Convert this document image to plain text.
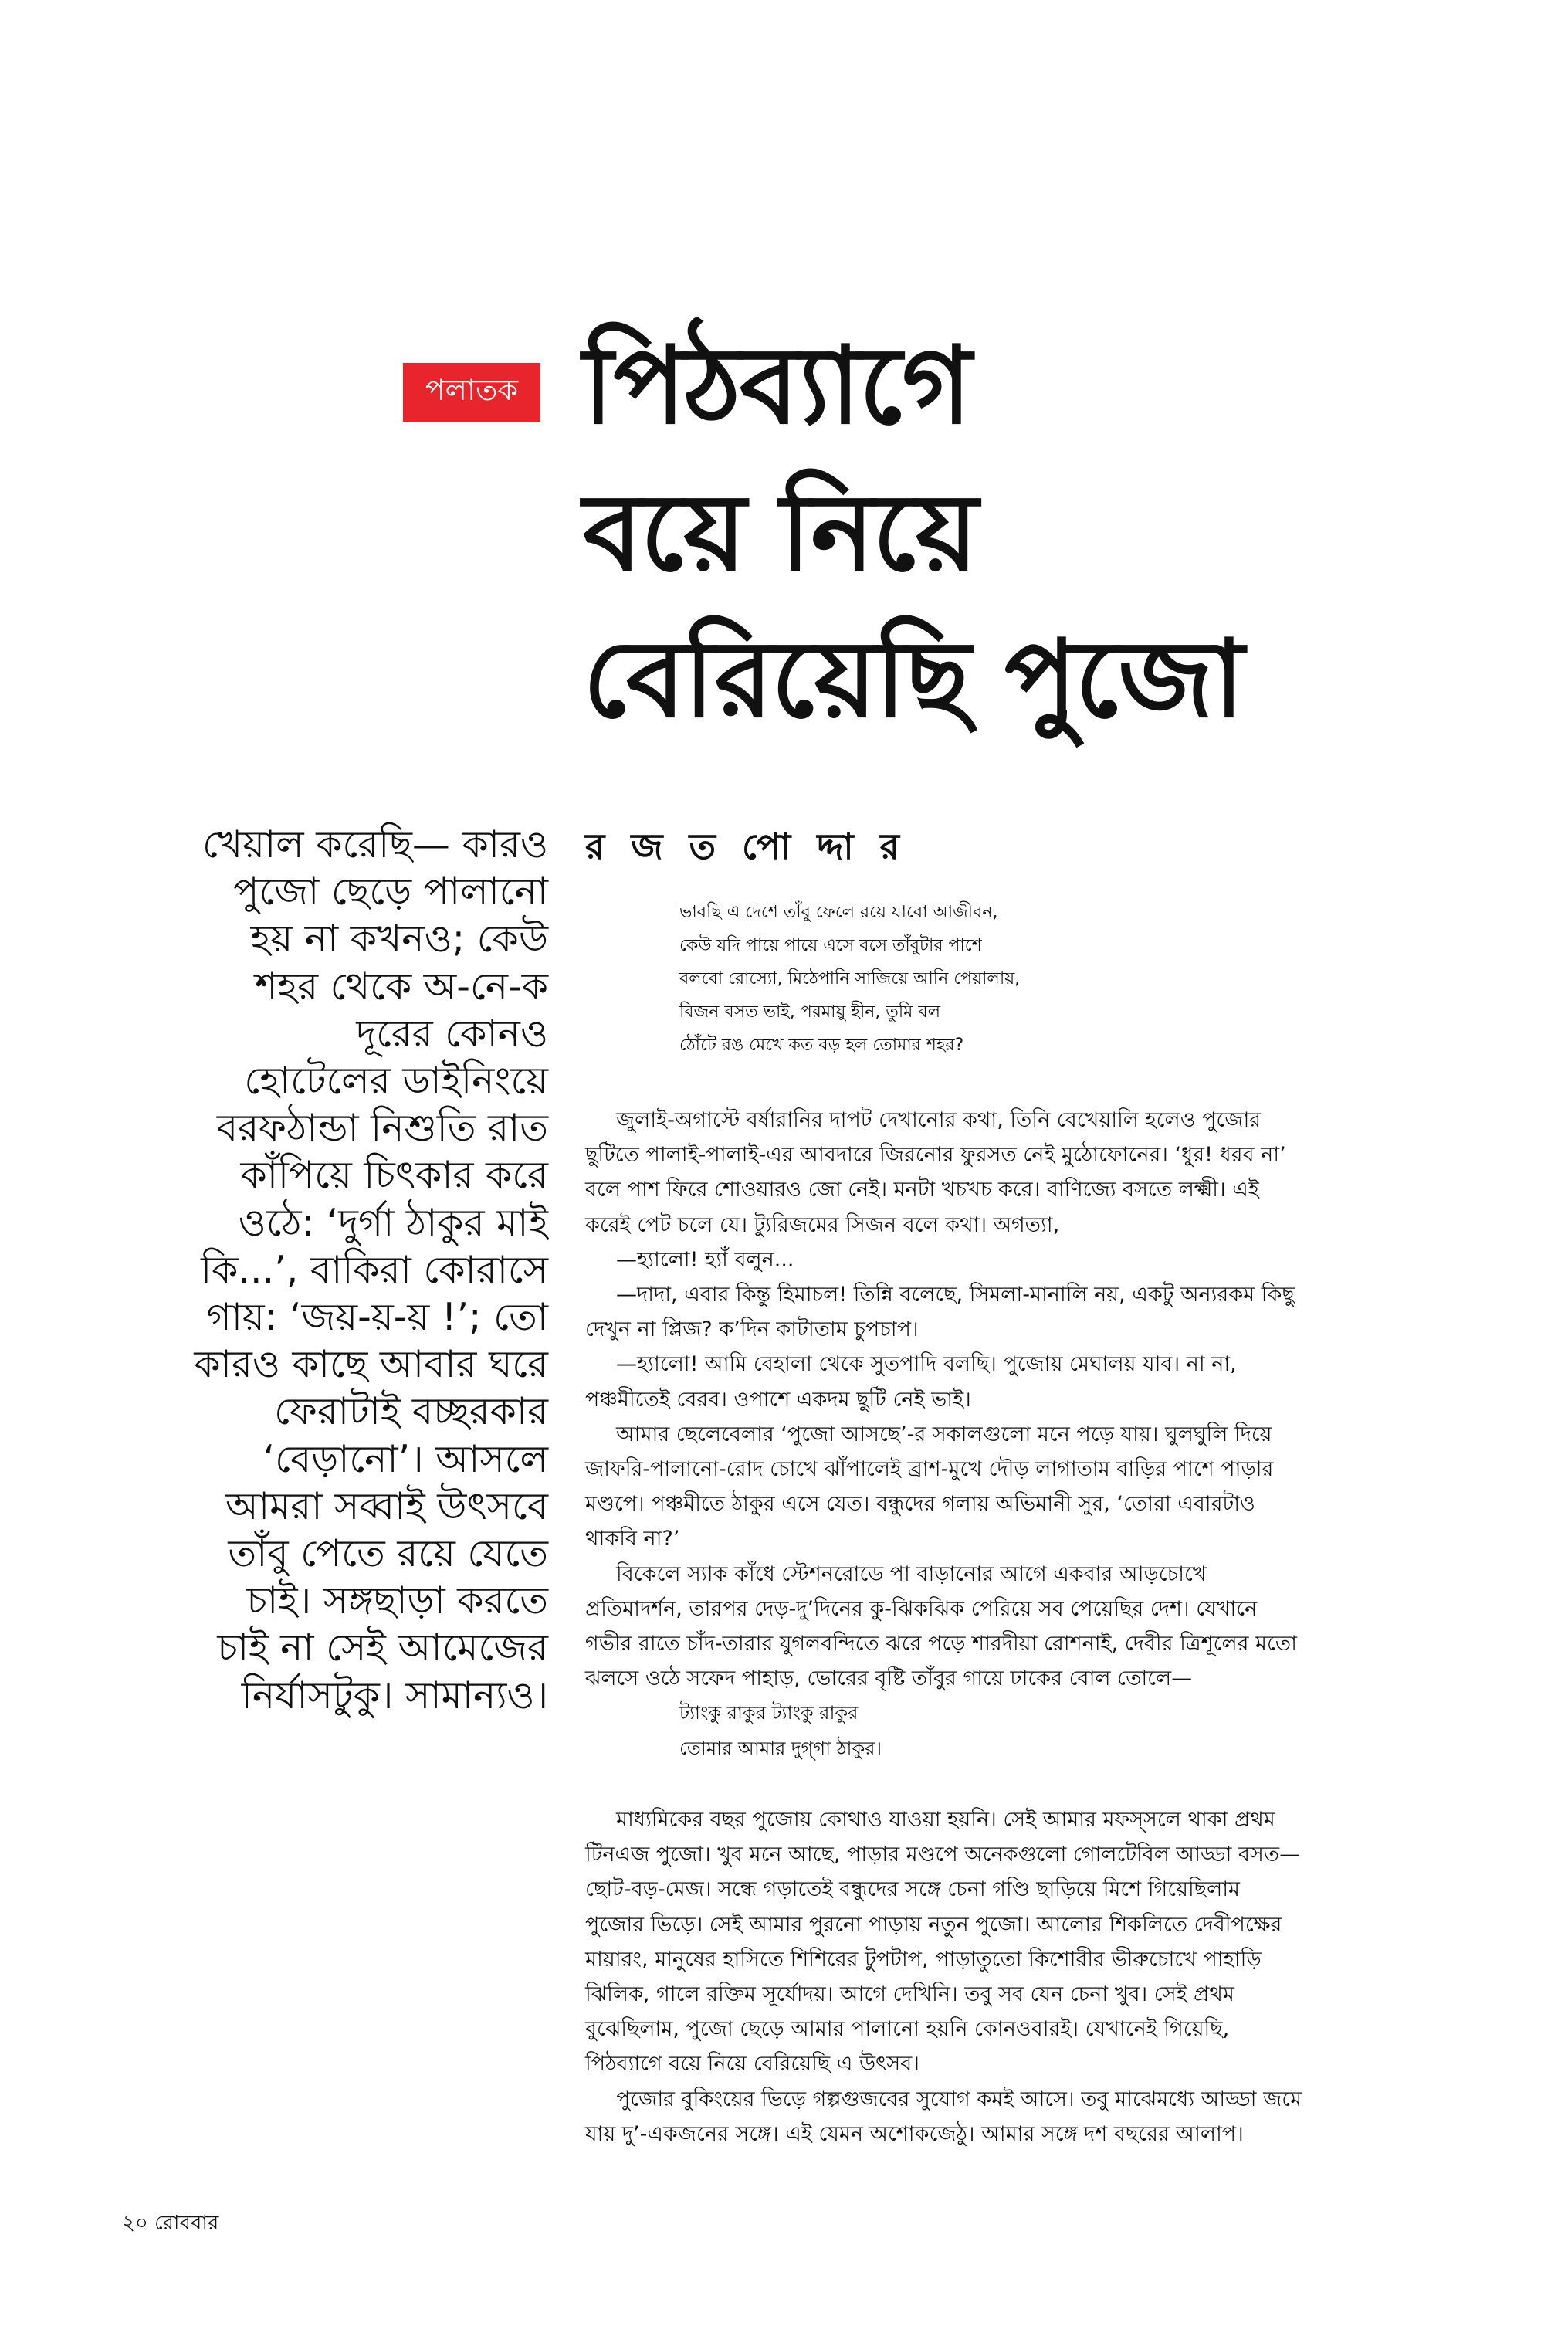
পলাতক পিঠব্যাগে
বয়ে নিয়ে
বেরিয়েছি পুজো
খেয়াল করেছি— কারও
পুজো ছেড়ে পালানো
হয় না কখনও; কেউ
শহর থেকে অ-নে-ক
দূরের কোনও
হোটেলের ডাইনিংয়ে
বরফঠান্ডা নিশুতি রাত
কাঁপিয়ে চিৎকার করে
ওঠে: ‘দুর্গা ঠাকুর মাই
কি...’, বাকিরা কোরাসে
গায়: ‘জয়-য়-য় !’; তো
কারও কাছে আবার ঘরে
ফেরাটাই বচ্ছরকার
‘বেড়ানো’। আসলে
আমরা সব্বাই উৎসবে
তাঁবু পেতে রয়ে যেতে
চাই। সঙ্গছাড়া করতে
চাই না সেই আমেজের
নির্যাসটুকু। সামান্যও।
র জ ত পো দ্দা র
ভাবছি এ দেশে তাঁবু ফেলে রয়ে যাবো আজীবন,
কেউ যদি পায়ে পায়ে এসে বসে তাঁবুটার পাশে
বলবো রোস্যো, মিঠেপানি সাজিয়ে আনি পেয়ালায়,
বিজন বসত ভাই, পরমায়ু হীন, তুমি বল
ঠোঁটে রঙ মেখে কত বড় হল তোমার শহর?
জুলাই-অগাস্টে বর্ষারানির দাপট দেখানোর কথা, তিনি বেখেয়ালি হলেও পুজোর
ছুটিতে পালাই-পালাই-এর আবদারে জিরনোর ফুরসত নেই মুঠোফোনের। ‘ধুর! ধরব না’
বলে পাশ ফিরে শোওয়ারও জো নেই। মনটা খচখচ করে। বাণিজ্যে বসতে লক্ষ্মী। এই
করেই পেট চলে যে। ট্যুরিজমের সিজন বলে কথা। অগত্যা,
—হ্যালো! হ্যাঁ বলুন...
—দাদা, এবার কিন্তু হিমাচল! তিন্নি বলেছে, সিমলা-মানালি নয়, একটু অন্যরকম কিছু
দেখুন না প্লিজ? ক’দিন কাটাতাম চুপচাপ।
—হ্যালো! আমি বেহালা থেকে সুতপাদি বলছি। পুজোয় মেঘালয় যাব। না না,
পঞ্চমীতেই বেরব। ওপাশে একদম ছুটি নেই ভাই।
আমার ছেলেবেলার ‘পুজো আসছে’-র সকালগুলো মনে পড়ে যায়। ঘুলঘুলি দিয়ে
জাফরি-পালানো-রোদ চোখে ঝাঁপালেই ব্রাশ-মুখে দৌড় লাগাতাম বাড়ির পাশে পাড়ার
মণ্ডপে। পঞ্চমীতে ঠাকুর এসে যেত। বন্ধুদের গলায় অভিমানী সুর, ‘তোরা এবারটাও
থাকবি না?’
বিকেলে স্যাক কাঁধে স্টেশনরোডে পা বাড়ানোর আগে একবার আড়চোখে
প্রতিমাদর্শন, তারপর দেড়-দু’দিনের কু-ঝিকঝিক পেরিয়ে সব পেয়েছির দেশ। যেখানে
গভীর রাতে চাঁদ-তারার যুগলবন্দিতে ঝরে পড়ে শারদীয়া রোশনাই, দেবীর ত্রিশূলের মতো
ঝলসে ওঠে সফেদ পাহাড়, ভোরের বৃষ্টি তাঁবুর গায়ে ঢাকের বোল তোলে—
ট্যাংকু রাকুর ট্যাংকু রাকুর
তোমার আমার দুগ্‌গা ঠাকুর।
মাধ্যমিকের বছর পুজোয় কোথাও যাওয়া হয়নি। সেই আমার মফস্‌সলে থাকা প্রথম
টিনএজ পুজো। খুব মনে আছে, পাড়ার মণ্ডপে অনেকগুলো গোলটেবিল আড্ডা বসত—
ছোট-বড়-মেজ। সন্ধে গড়াতেই বন্ধুদের সঙ্গে চেনা গণ্ডি ছাড়িয়ে মিশে গিয়েছিলাম
পুজোর ভিড়ে। সেই আমার পুরনো পাড়ায় নতুন পুজো। আলোর শিকলিতে দেবীপক্ষের
মায়ারং, মানুষের হাসিতে শিশিরের টুপটাপ, পাড়াতুতো কিশোরীর ভীরুচোখে পাহাড়ি
ঝিলিক, গালে রক্তিম সূর্যোদয়। আগে দেখিনি। তবু সব যেন চেনা খুব। সেই প্রথম
বুঝেছিলাম, পুজো ছেড়ে আমার পালানো হয়নি কোনওবারই। যেখানেই গিয়েছি,
পিঠব্যাগে বয়ে নিয়ে বেরিয়েছি এ উৎসব।
পুজোর বুকিংয়ের ভিড়ে গল্পগুজবের সুযোগ কমই আসে। তবু মাঝেমধ্যে আড্ডা জমে
যায় দু’-একজনের সঙ্গে। এই যেমন অশোকজেঠু। আমার সঙ্গে দশ বছরের আলাপ।
২০ রোববার
